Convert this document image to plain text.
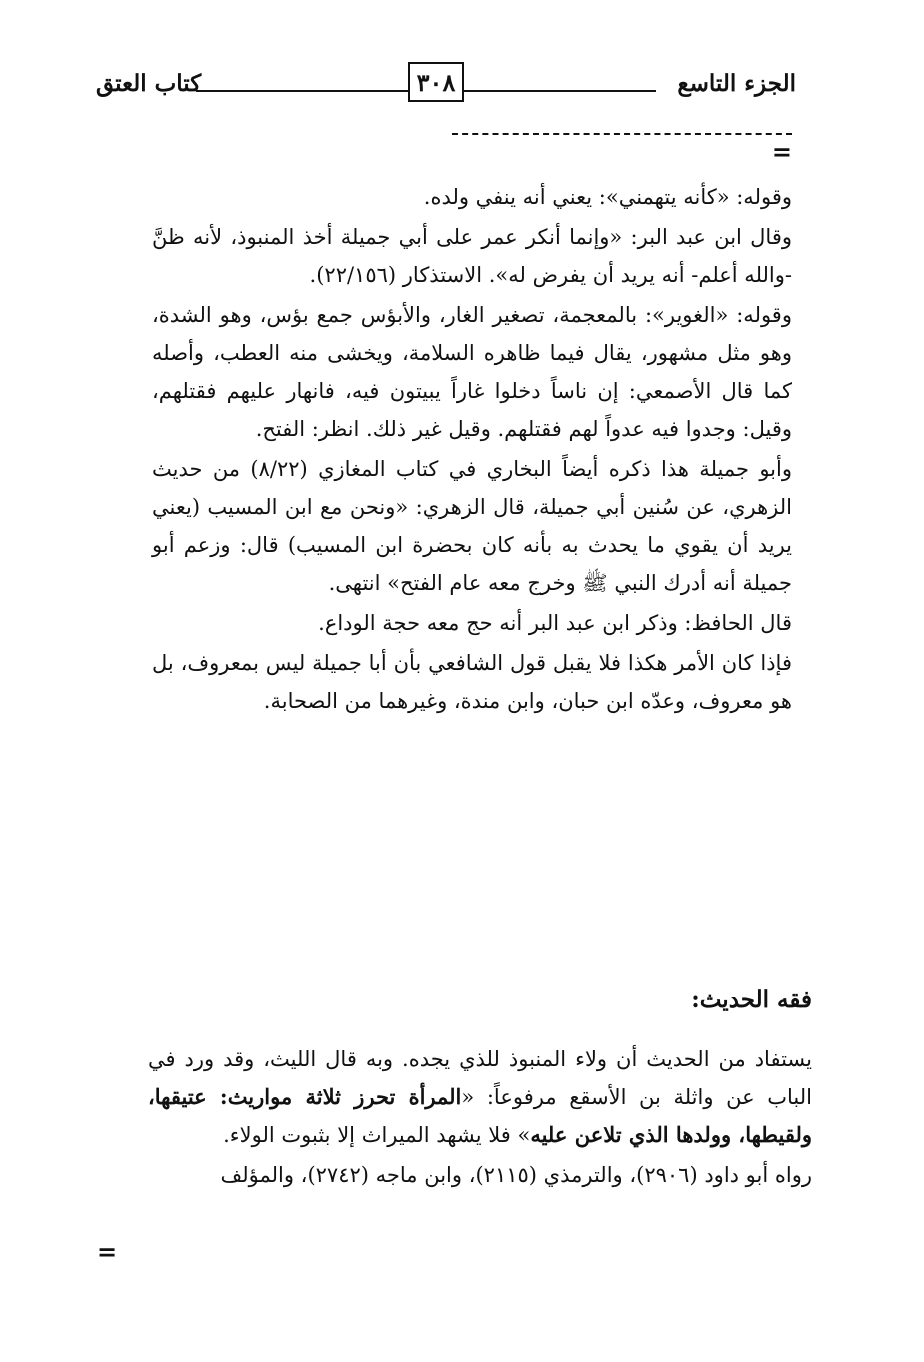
الجزء التاسع
٣٠٨
كتاب العتق
=

وقوله: «كأنه يتهمني»: يعني أنه ينفي ولده.

وقال ابن عبد البر: «وإنما أنكر عمر على أبي جميلة أخذ المنبوذ، لأنه ظنَّ -والله أعلم- أنه يريد أن يفرض له». الاستذكار (٢٢/١٥٦).

وقوله: «الغوير»: بالمعجمة، تصغير الغار، والأبؤس جمع بؤس، وهو الشدة، وهو مثل مشهور، يقال فيما ظاهره السلامة، ويخشى منه العطب، وأصله كما قال الأصمعي: إن ناساً دخلوا غاراً يبيتون فيه، فانهار عليهم فقتلهم، وقيل: وجدوا فيه عدواً لهم فقتلهم. وقيل غير ذلك. انظر: الفتح.

وأبو جميلة هذا ذكره أيضاً البخاري في كتاب المغازي (٨/٢٢) من حديث الزهري، عن سُنين أبي جميلة، قال الزهري: «ونحن مع ابن المسيب (يعني يريد أن يقوي ما يحدث به بأنه كان بحضرة ابن المسيب) قال: وزعم أبو جميلة أنه أدرك النبي ﷺ وخرج معه عام الفتح» انتهى.

قال الحافظ: وذكر ابن عبد البر أنه حج معه حجة الوداع.

فإذا كان الأمر هكذا فلا يقبل قول الشافعي بأن أبا جميلة ليس بمعروف، بل هو معروف، وعدّه ابن حبان، وابن مندة، وغيرهما من الصحابة.

فقه الحديث:

يستفاد من الحديث أن ولاء المنبوذ للذي يجده. وبه قال الليث، وقد ورد في الباب عن واثلة بن الأسقع مرفوعاً: «المرأة تحرز ثلاثة مواريث: عتيقها، ولقيطها، وولدها الذي تلاعن عليه» فلا يشهد الميراث إلا بثبوت الولاء.

رواه أبو داود (٢٩٠٦)، والترمذي (٢١١٥)، وابن ماجه (٢٧٤٢)، والمؤلف

=
